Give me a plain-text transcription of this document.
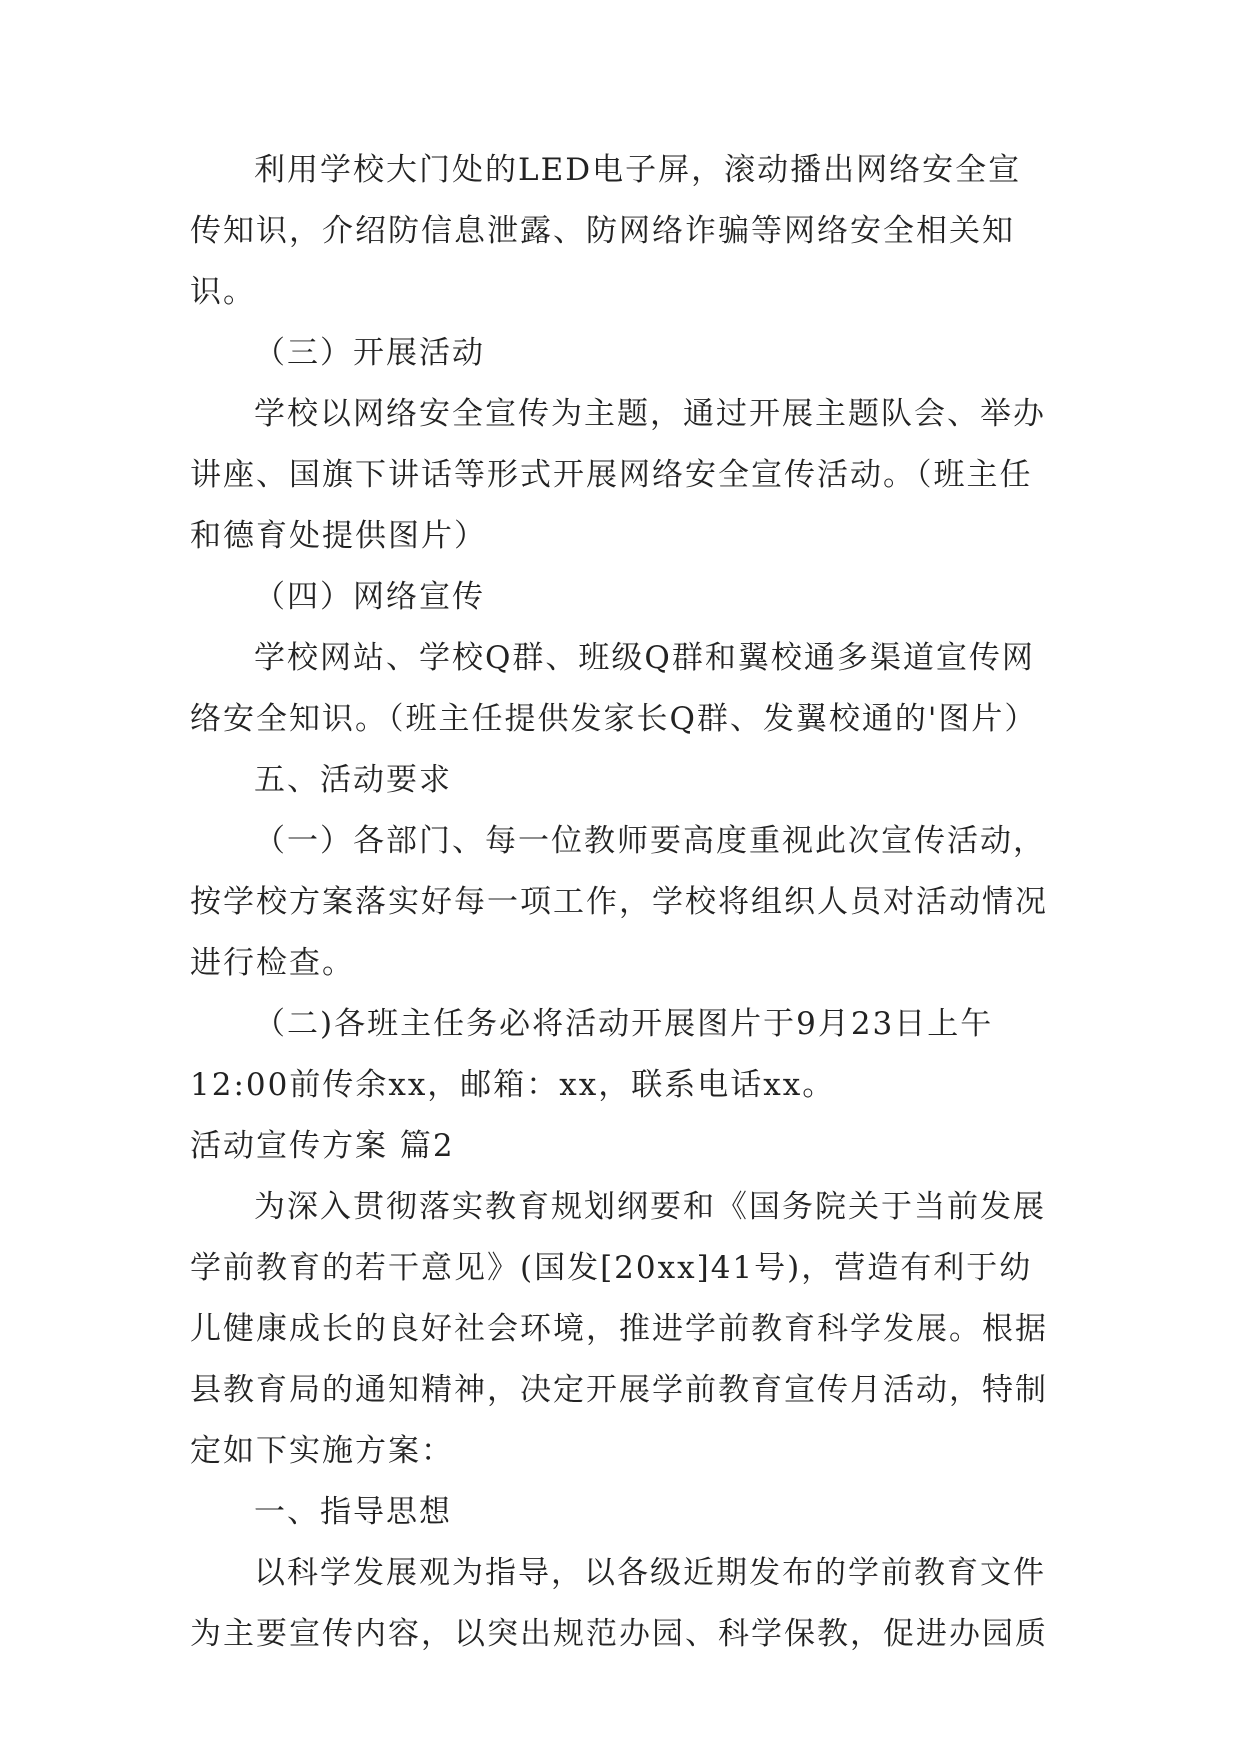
利用学校大门处的LED电子屏，滚动播出网络安全宣传知识，介绍防信息泄露、防网络诈骗等网络安全相关知识。

（三）开展活动

学校以网络安全宣传为主题，通过开展主题队会、举办讲座、国旗下讲话等形式开展网络安全宣传活动。（班主任和德育处提供图片）

（四）网络宣传

学校网站、学校Q群、班级Q群和翼校通多渠道宣传网络安全知识。（班主任提供发家长Q群、发翼校通的'图片）

五、活动要求

（一）各部门、每一位教师要高度重视此次宣传活动，按学校方案落实好每一项工作，学校将组织人员对活动情况进行检查。

（二)各班主任务必将活动开展图片于9月23日上午12:00前传余xx，邮箱：xx，联系电话xx。

活动宣传方案 篇2

为深入贯彻落实教育规划纲要和《国务院关于当前发展学前教育的若干意见》(国发[20xx]41号)，营造有利于幼儿健康成长的良好社会环境，推进学前教育科学发展。根据县教育局的通知精神，决定开展学前教育宣传月活动，特制定如下实施方案：

一、指导思想

以科学发展观为指导，以各级近期发布的学前教育文件为主要宣传内容，以突出规范办园、科学保教，促进办园质
